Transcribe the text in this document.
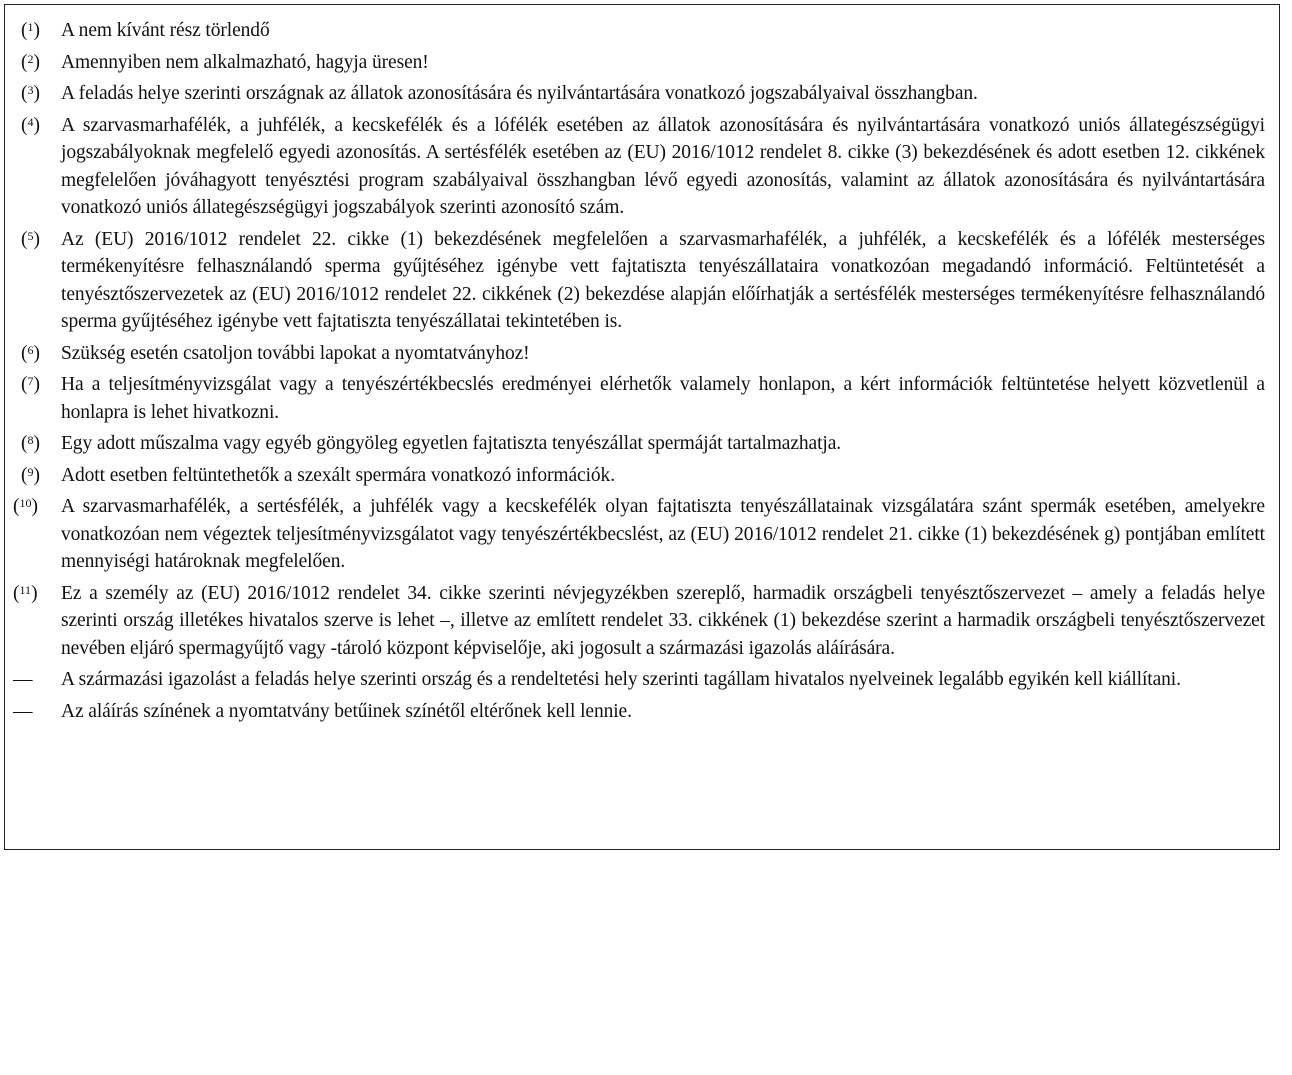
($^1$)	A nem kívánt rész törlendő
($^2$)	Amennyiben nem alkalmazható, hagyja üresen!
($^3$)	A feladás helye szerinti országnak az állatok azonosítására és nyilvántartására vonatkozó jogszabályaival összhangban.
($^4$)	A szarvasmarhafélék, a juhfélék, a kecskefélék és a lófélék esetében az állatok azonosítására és nyilvántartására vonatkozó uniós állategészségügyi jogszabályoknak megfelelő egyedi azonosítás. A sertésfélék esetében az (EU) 2016/1012 rendelet 8. cikke (3) bekezdésének és adott esetben 12. cikkének megfelelően jóváhagyott tenyésztési program szabályaival összhangban lévő egyedi azonosítás, valamint az állatok azonosítására és nyilvántartására vonatkozó uniós állategészségügyi jogszabályok szerinti azonosító szám.
($^5$)	Az (EU) 2016/1012 rendelet 22. cikke (1) bekezdésének megfelelően a szarvasmarhafélék, a juhfélék, a kecskefélék és a lófélék mesterséges termékenyítésre felhasználandó sperma gyűjtéséhez igénybe vett fajtatiszta tenyészállataira vonatkozóan megadandó információ. Feltüntetését a tenyésztőszervezetek az (EU) 2016/1012 rendelet 22. cikkének (2) bekezdése alapján előírhatják a sertésfélék mesterséges termékenyítésre felhasználandó sperma gyűjtéséhez igénybe vett fajtatiszta tenyészállatai tekintetében is.
($^6$)	Szükség esetén csatoljon további lapokat a nyomtatványhoz!
($^7$)	Ha a teljesítményvizsgálat vagy a tenyészértékbecslés eredményei elérhetők valamely honlapon, a kért információk feltüntetése helyett közvetlenül a honlapra is lehet hivatkozni.
($^8$)	Egy adott műszalma vagy egyéb göngyöleg egyetlen fajtatiszta tenyészállat spermáját tartalmazhatja.
($^9$)	Adott esetben feltüntethetők a szexált spermára vonatkozó információk.
($^{10}$)	A szarvasmarhafélék, a sertésfélék, a juhfélék vagy a kecskefélék olyan fajtatiszta tenyészállatainak vizsgálatára szánt spermák esetében, amelyekre vonatkozóan nem végeztek teljesítményvizsgálatot vagy tenyészértékbecslést, az (EU) 2016/1012 rendelet 21. cikke (1) bekezdésének g) pontjában említett mennyiségi határoknak megfelelően.
($^{11}$)	Ez a személy az (EU) 2016/1012 rendelet 34. cikke szerinti névjegyzékben szereplő, harmadik országbeli tenyésztőszervezet – amely a feladás helye szerinti ország illetékes hivatalos szerve is lehet –, illetve az említett rendelet 33. cikkének (1) bekezdése szerint a harmadik országbeli tenyésztőszervezet nevében eljáró spermagyűjtő vagy -tároló központ képviselője, aki jogosult a származási igazolás aláírására.
—	A származási igazolást a feladás helye szerinti ország és a rendeltetési hely szerinti tagállam hivatalos nyelveinek legalább egyikén kell kiállítani.
—	Az aláírás színének a nyomtatvány betűinek színétől eltérőnek kell lennie.
